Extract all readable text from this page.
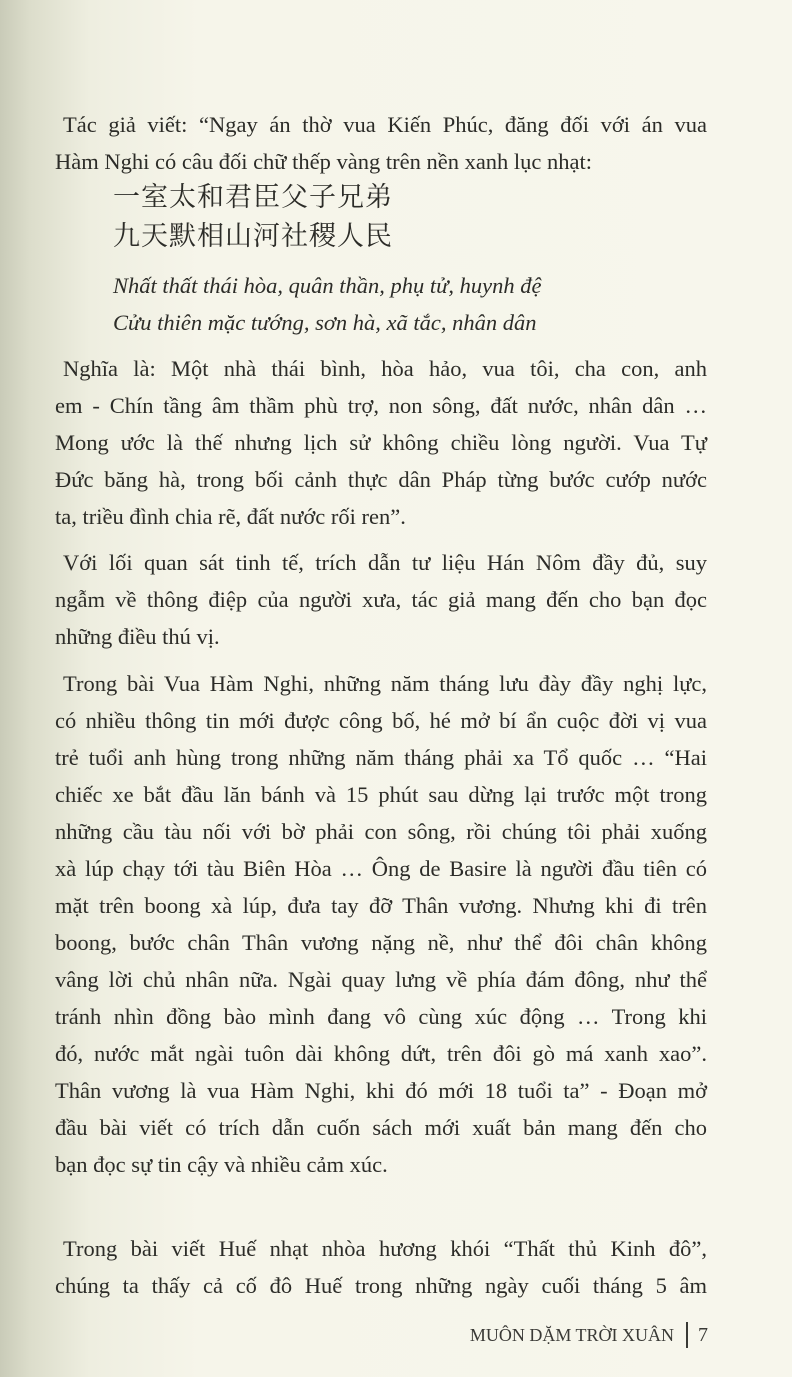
Tác giả viết: “Ngay án thờ vua Kiến Phúc, đăng đối với án vua
Hàm Nghi có câu đối chữ thếp vàng trên nền xanh lục nhạt:
一室太和君臣父子兄弟
九天默相山河社稷人民
Nhất thất thái hòa, quân thần, phụ tử, huynh đệ
Cửu thiên mặc tướng, sơn hà, xã tắc, nhân dân
Nghĩa là: Một nhà thái bình, hòa hảo, vua tôi, cha con, anh
em - Chín tầng âm thầm phù trợ, non sông, đất nước, nhân dân …
Mong ước là thế nhưng lịch sử không chiều lòng người. Vua Tự
Đức băng hà, trong bối cảnh thực dân Pháp từng bước cướp nước
ta, triều đình chia rẽ, đất nước rối ren”.
Với lối quan sát tinh tế, trích dẫn tư liệu Hán Nôm đầy đủ, suy
ngẫm về thông điệp của người xưa, tác giả mang đến cho bạn đọc
những điều thú vị.
Trong bài Vua Hàm Nghi, những năm tháng lưu đày đầy nghị lực,
có nhiều thông tin mới được công bố, hé mở bí ẩn cuộc đời vị vua
trẻ tuổi anh hùng trong những năm tháng phải xa Tổ quốc … “Hai
chiếc xe bắt đầu lăn bánh và 15 phút sau dừng lại trước một trong
những cầu tàu nối với bờ phải con sông, rồi chúng tôi phải xuống
xà lúp chạy tới tàu Biên Hòa … Ông de Basire là người đầu tiên có
mặt trên boong xà lúp, đưa tay đỡ Thân vương. Nhưng khi đi trên
boong, bước chân Thân vương nặng nề, như thể đôi chân không
vâng lời chủ nhân nữa. Ngài quay lưng về phía đám đông, như thể
tránh nhìn đồng bào mình đang vô cùng xúc động … Trong khi
đó, nước mắt ngài tuôn dài không dứt, trên đôi gò má xanh xao”.
Thân vương là vua Hàm Nghi, khi đó mới 18 tuổi ta” - Đoạn mở
đầu bài viết có trích dẫn cuốn sách mới xuất bản mang đến cho
bạn đọc sự tin cậy và nhiều cảm xúc.
Trong bài viết Huế nhạt nhòa hương khói “Thất thủ Kinh đô”,
chúng ta thấy cả cố đô Huế trong những ngày cuối tháng 5 âm
MUÔN DẶM TRỜI XUÂN 7
